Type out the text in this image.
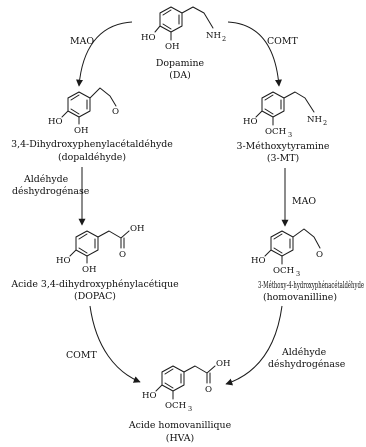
HO
OH
NH 2
Dopamine
(DA)
HO
OH
O
3,4-Dihydroxyphenylacétaldéhyde
(dopaldéhyde)
HO
OCH 3
NH 2
3-Méthoxytyramine
(3-MT)
OH
O
HO
OH
Acide 3,4-dihydroxyphénylacétique
(DOPAC)
HO
OCH 3
O
3-Méthoxy-4-hydroxyphénacétaldéhyde
(homovanilline)
OH
O
HO
OCH 3
Acide homovanillique
(HVA)
MAO	COMT
Aldéhyde
déshydrogénase
MAO
COMT	Aldéhyde
déshydrogénase
